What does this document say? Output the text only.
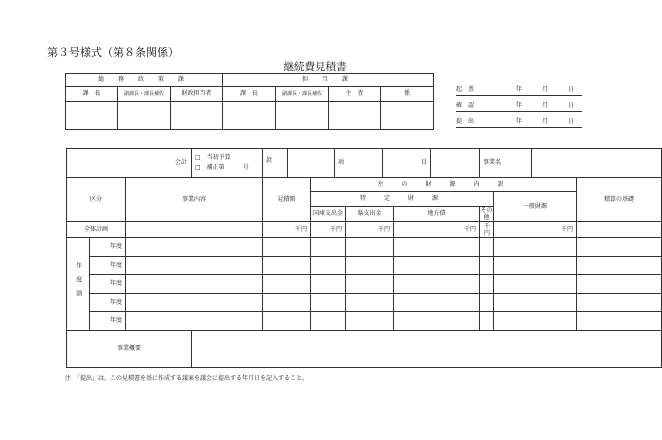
第３号様式（第８条関係）
継続費見積書
総 務 政 策 課			担 当 課			
課　長	副課長・課長補佐	財政担当者	課　長	副課長・課長補佐	主　査	係

起　票	年	月	日
確　認	年	月	日
提　出	年	月	日
会計			□　当初予算
□　補正第　　　号	款			項		目			事業名			
区分		事業内容		見積額		左　の　財　源　内　訳									積算の基礎
						特　定　財　源							一般財源		
						国庫支出金		県支出金		地方債		その他			
全体計画				千円		千円		千円		千円		千円	千円		
年度割	年度														
	年度														
	年度														
	年度														
	年度														
事業概要															
注　「提出」は、この見積書を基に作成する議案を議会に提出する年月日を記入すること。
